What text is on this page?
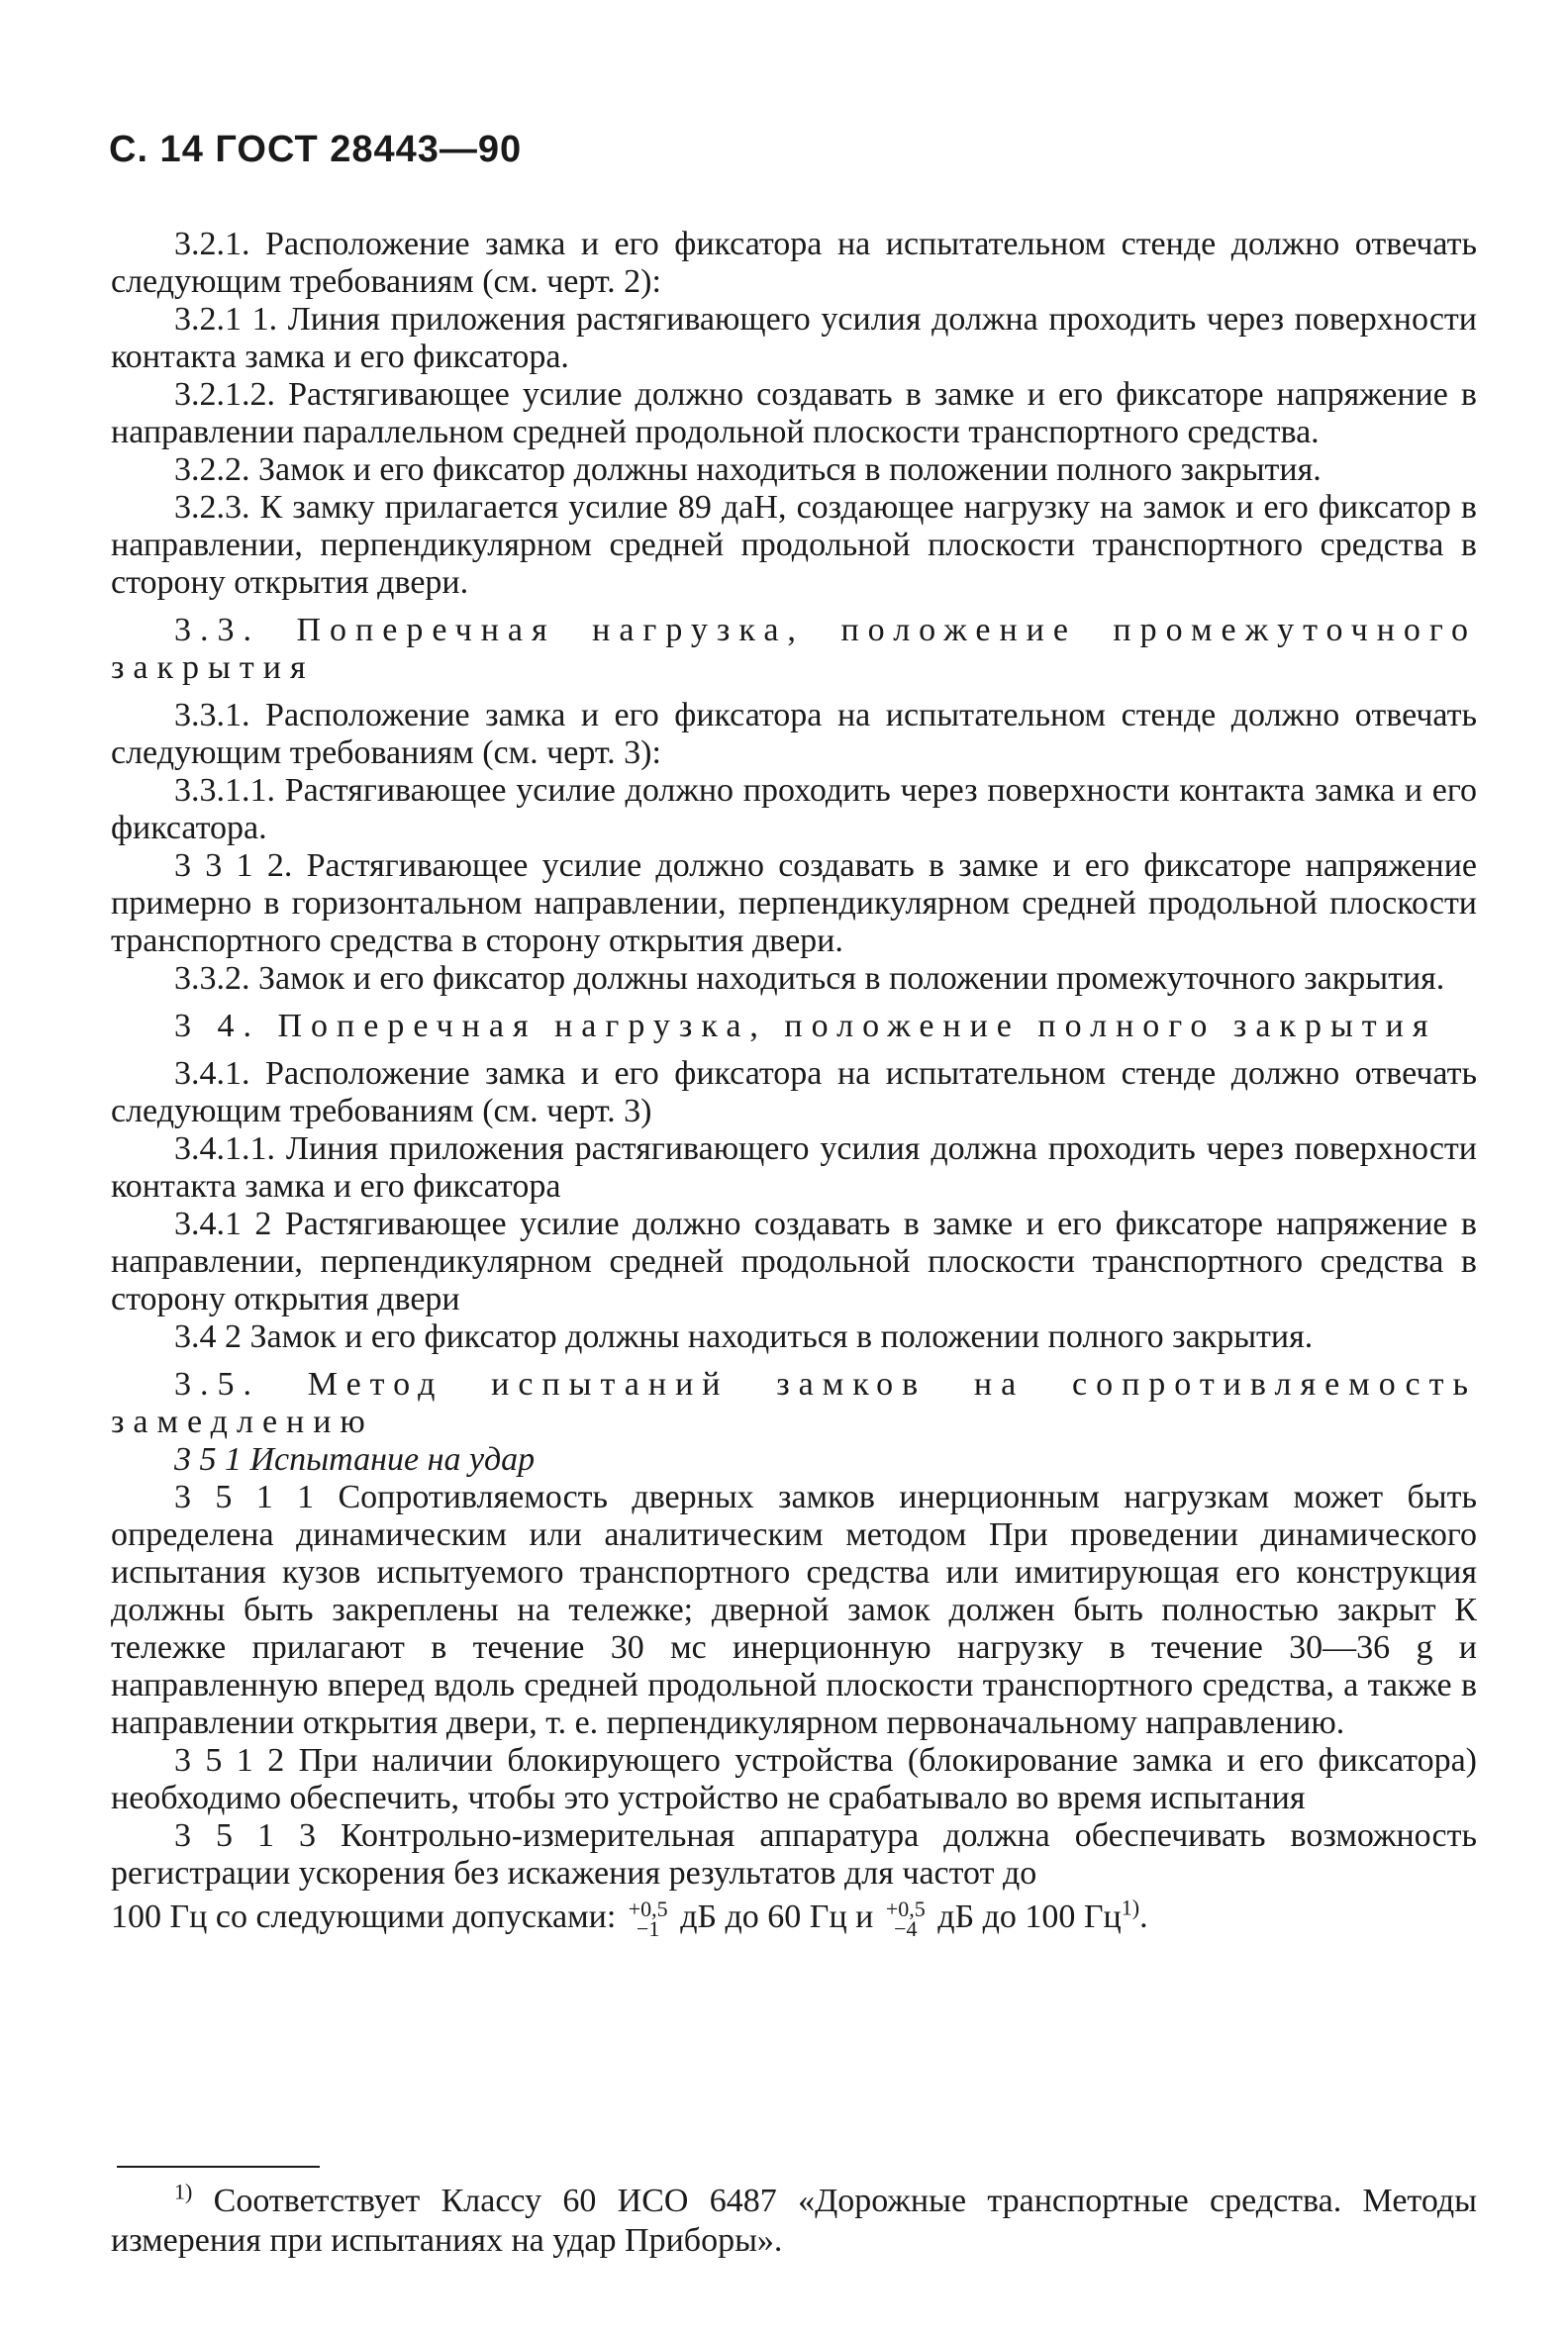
С. 14 ГОСТ 28443—90

3.2.1. Расположение замка и его фиксатора на испытательном стенде должно отвечать следующим требованиям (см. черт. 2):

3.2.1 1. Линия приложения растягивающего усилия должна проходить через поверхности контакта замка и его фиксатора.

3.2.1.2. Растягивающее усилие должно создавать в замке и его фиксаторе напряжение в направлении параллельном средней продольной плоскости транспортного средства.

3.2.2. Замок и его фиксатор должны находиться в положении полного закрытия.

3.2.3. К замку прилагается усилие 89 даН, создающее нагрузку на замок и его фиксатор в направлении, перпендикулярном средней продольной плоскости транспортного средства в сторону открытия двери.

3.3. Поперечная нагрузка, положение промежуточного закрытия

3.3.1. Расположение замка и его фиксатора на испытательном стенде должно отвечать следующим требованиям (см. черт. 3):

3.3.1.1. Растягивающее усилие должно проходить через поверхности контакта замка и его фиксатора.

3 3 1 2. Растягивающее усилие должно создавать в замке и его фиксаторе напряжение примерно в горизонтальном направлении, перпендикулярном средней продольной плоскости транспортного средства в сторону открытия двери.

3.3.2. Замок и его фиксатор должны находиться в положении промежуточного закрытия.

3 4. Поперечная нагрузка, положение полного закрытия

3.4.1. Расположение замка и его фиксатора на испытательном стенде должно отвечать следующим требованиям (см. черт. 3)

3.4.1.1. Линия приложения растягивающего усилия должна проходить через поверхности контакта замка и его фиксатора

3.4.1 2 Растягивающее усилие должно создавать в замке и его фиксаторе напряжение в направлении, перпендикулярном средней продольной плоскости транспортного средства в сторону открытия двери

3.4 2 Замок и его фиксатор должны находиться в положении полного закрытия.

3.5. Метод испытаний замков на сопротивляемость замедлению

3 5 1 Испытание на удар

3 5 1 1 Сопротивляемость дверных замков инерционным нагрузкам может быть определена динамическим или аналитическим методом При проведении динамического испытания кузов испытуемого транспортного средства или имитирующая его конструкция должны быть закреплены на тележке; дверной замок должен быть полностью закрыт К тележке прилагают в течение 30 мс инерционную нагрузку в течение 30—36 g и направленную вперед вдоль средней продольной плоскости транспортного средства, а также в направлении открытия двери, т. е. перпендикулярном первоначальному направлению.

3 5 1 2 При наличии блокирующего устройства (блокирование замка и его фиксатора) необходимо обеспечить, чтобы это устройство не срабатывало во время испытания

3 5 1 3 Контрольно-измерительная аппаратура должна обеспечивать возможность регистрации ускорения без искажения результатов для частот до

100 Гц со следующими допусками: +0,5
−1 дБ до 60 Гц и +0,5
−4 дБ до 100 $Гц^{1)}$.

$^{1)}$ Соответствует Классу 60 ИСО 6487 «Дорожные транспортные средства. Методы измерения при испытаниях на удар Приборы».
